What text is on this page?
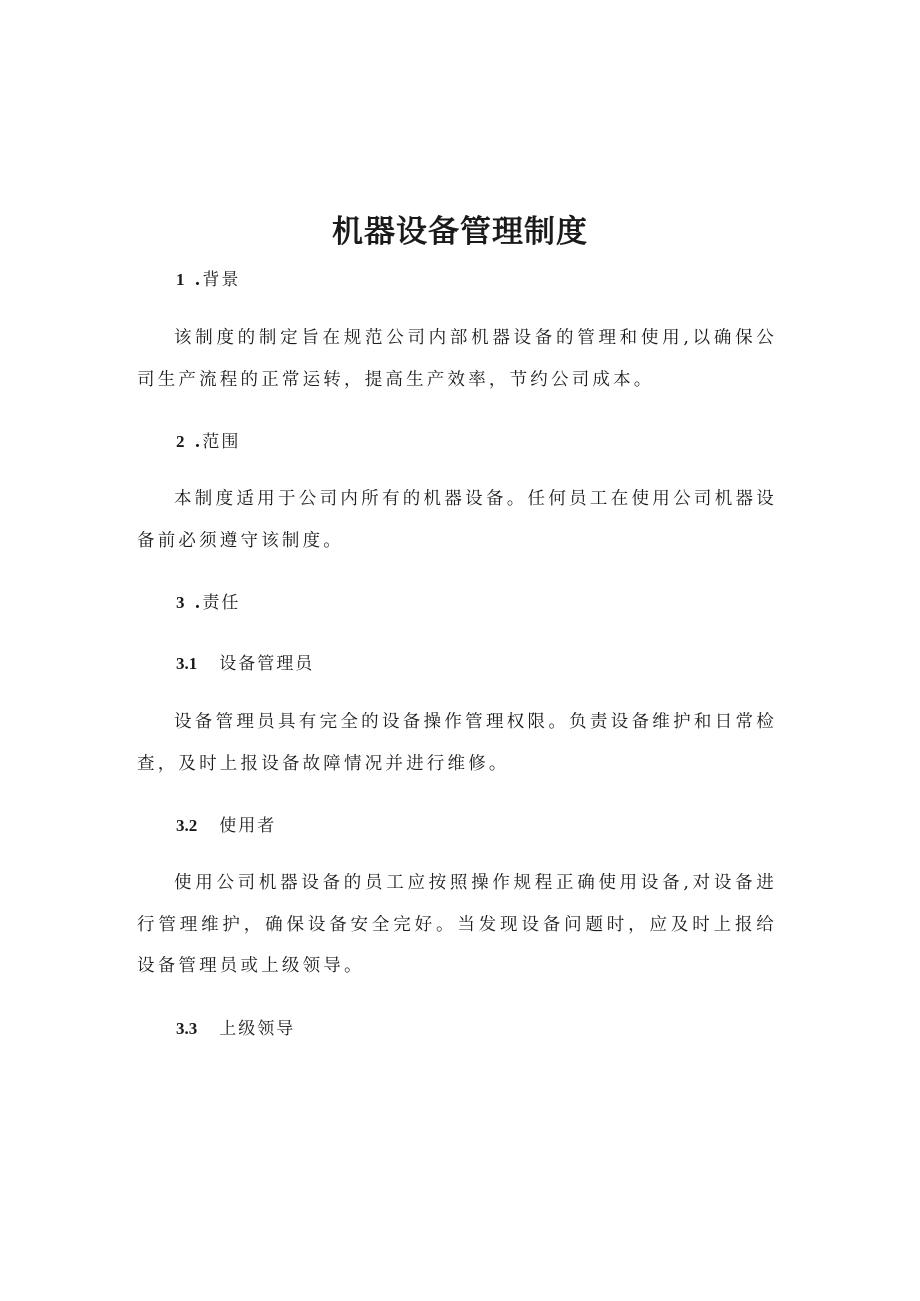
机器设备管理制度
1 .背景

该制度的制定旨在规范公司内部机器设备的管理和使用,以确保公司生产流程的正常运转，提高生产效率，节约公司成本。

2 .范围

本制度适用于公司内所有的机器设备。任何员工在使用公司机器设备前必须遵守该制度。

3 .责任
3.1 设备管理员

设备管理员具有完全的设备操作管理权限。负责设备维护和日常检查，及时上报设备故障情况并进行维修。

3.2 使用者

使用公司机器设备的员工应按照操作规程正确使用设备,对设备进行管理维护，确保设备安全完好。当发现设备问题时，应及时上报给设备管理员或上级领导。

3.3 上级领导
